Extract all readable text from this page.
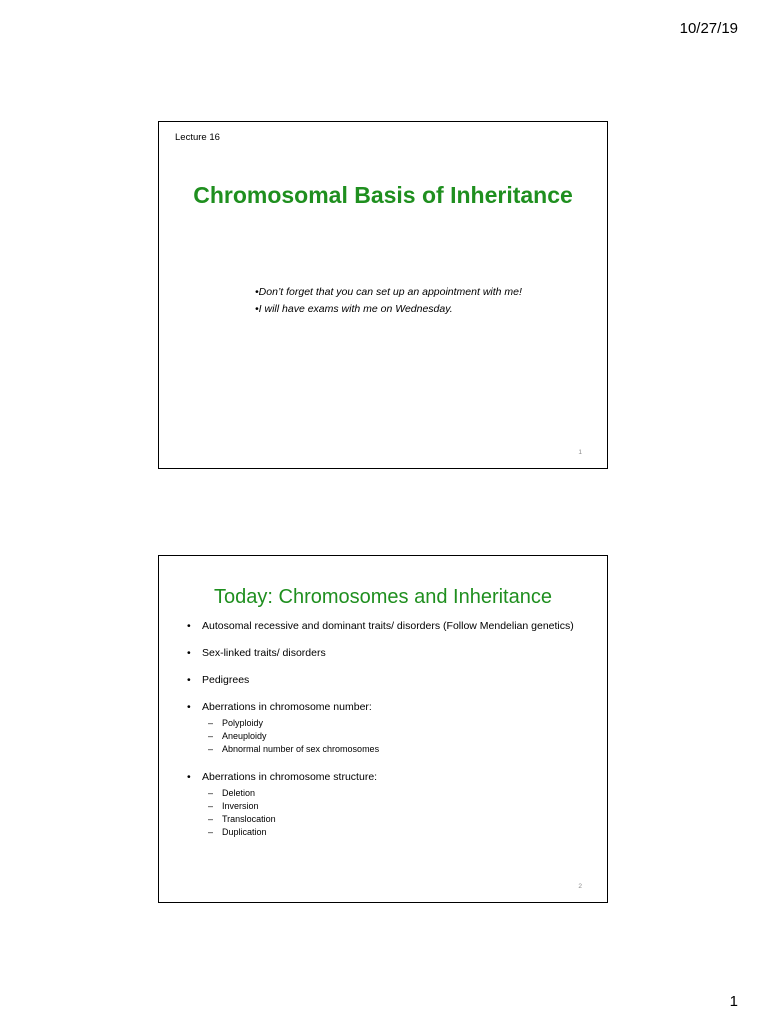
10/27/19
Lecture 16
Chromosomal Basis of Inheritance

•Don’t forget that you can set up an appointment with me!

•I will have exams with me on Wednesday.

1
Today: Chromosomes and Inheritance
• Autosomal recessive and dominant traits/ disorders (Follow Mendelian genetics)
• Sex-linked traits/ disorders
• Pedigrees
• Aberrations in chromosome number:
– Polyploidy
– Aneuploidy
– Abnormal number of sex chromosomes
• Aberrations in chromosome structure:
– Deletion
– Inversion
– Translocation
– Duplication
2
1
